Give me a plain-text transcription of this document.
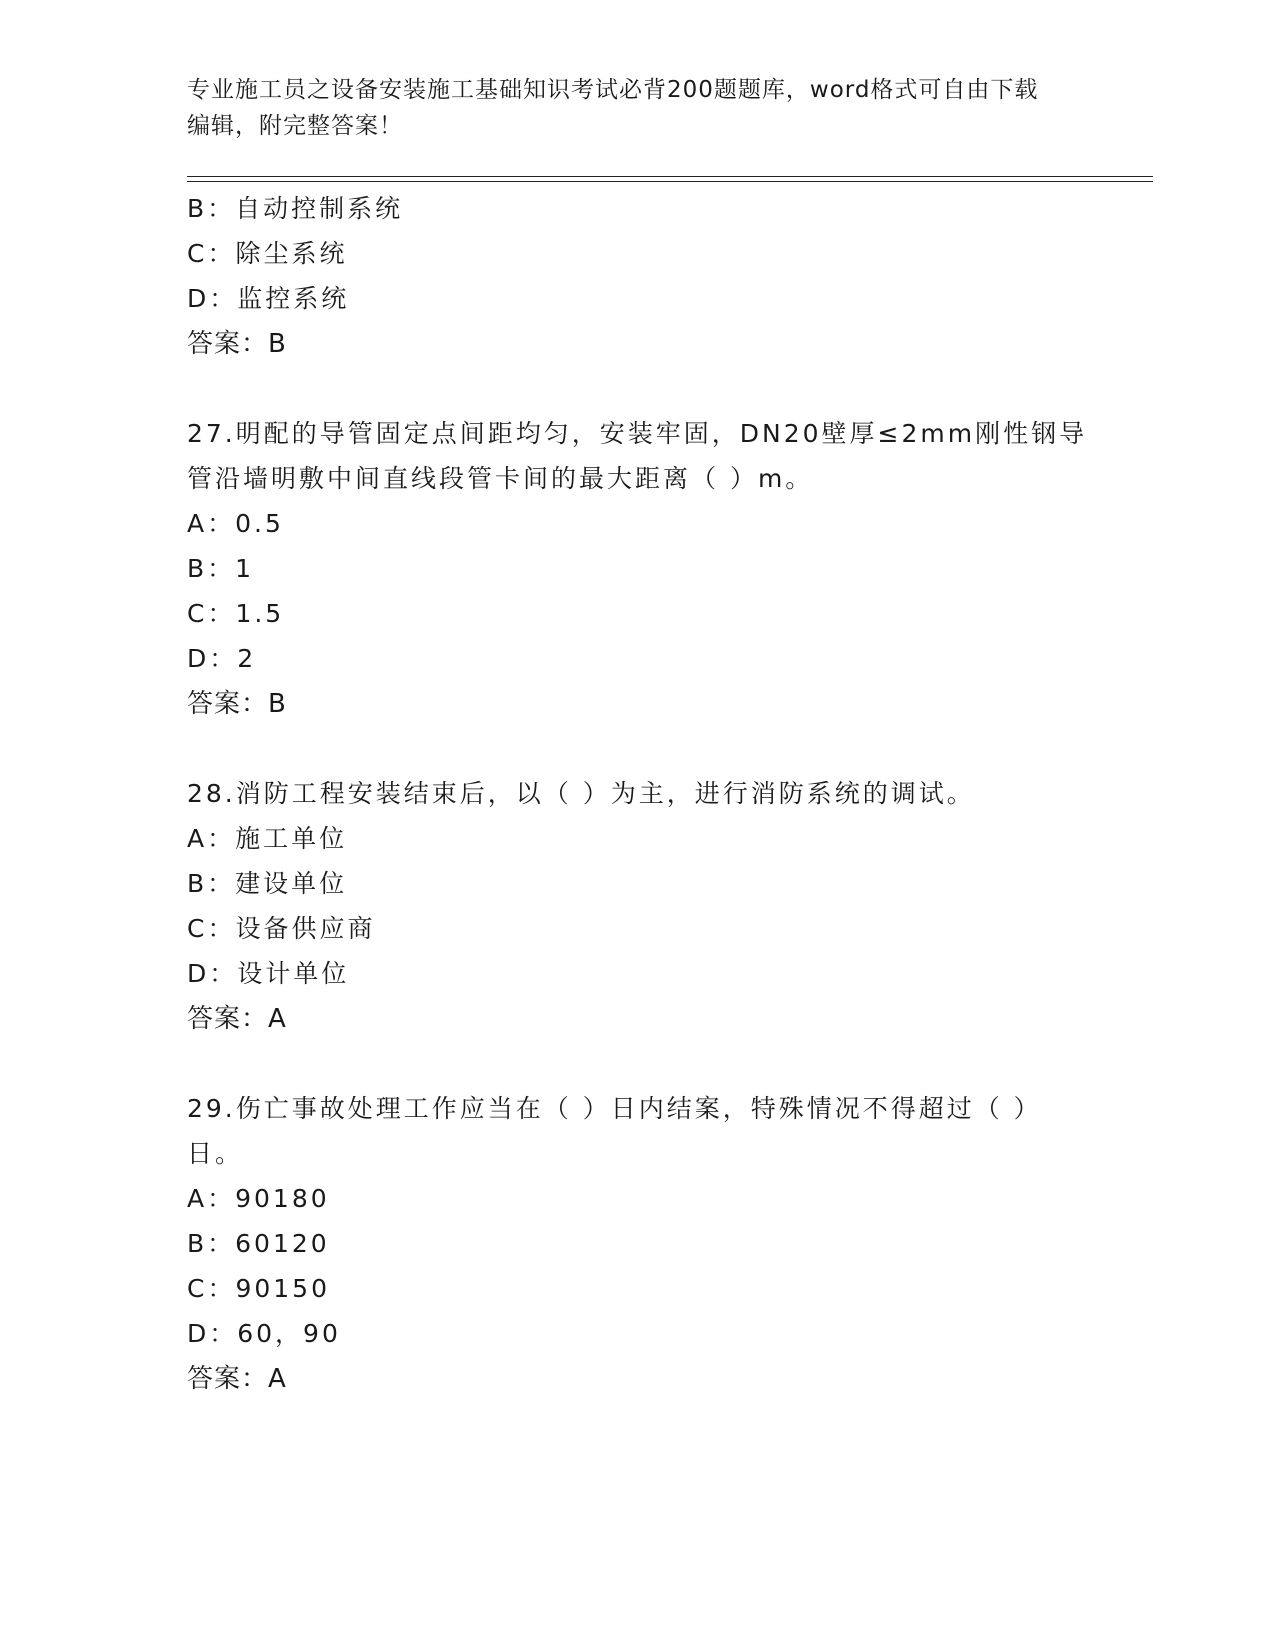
专业施工员之设备安装施工基础知识考试必背200题题库，word格式可自由下载
编辑，附完整答案！
B：自动控制系统
C：除尘系统
D：监控系统
答案：B
27.明配的导管固定点间距均匀，安装牢固，DN20壁厚≤2mm刚性钢导
管沿墙明敷中间直线段管卡间的最大距离（ ）m。
A：0.5
B：1
C：1.5
D：2
答案：B
28.消防工程安装结束后，以（ ）为主，进行消防系统的调试。
A：施工单位
B：建设单位
C：设备供应商
D：设计单位
答案：A
29.伤亡事故处理工作应当在（ ）日内结案，特殊情况不得超过（ ）
日。
A：90180
B：60120
C：90150
D：60，90
答案：A
